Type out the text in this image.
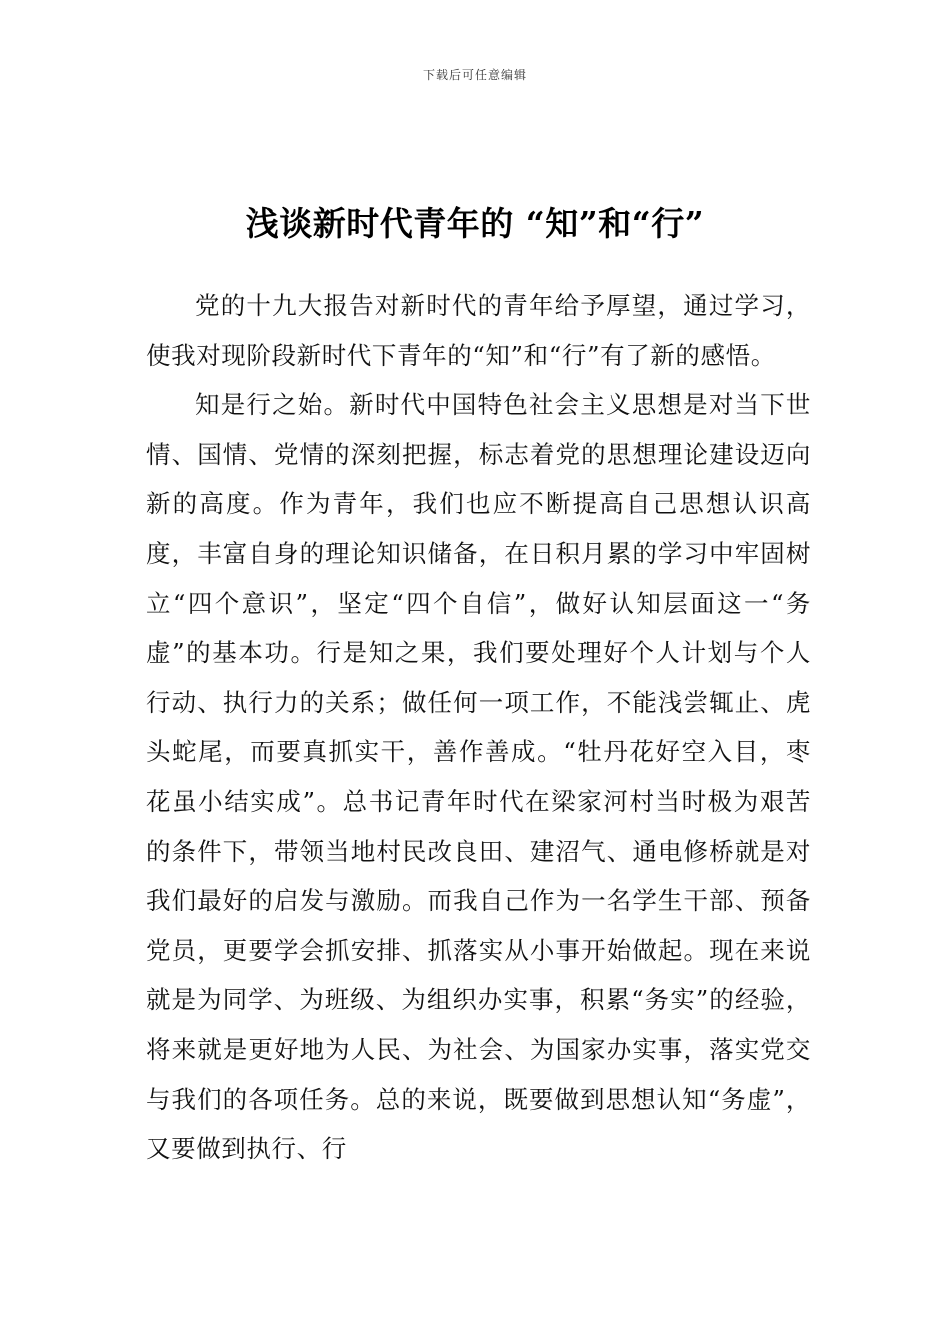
下载后可任意编辑
浅谈新时代青年的 “知”和“行”

党的十九大报告对新时代的青年给予厚望，通过学习，使我对现阶段新时代下青年的“知”和“行”有了新的感悟。

知是行之始。新时代中国特色社会主义思想是对当下世情、国情、党情的深刻把握，标志着党的思想理论建设迈向新的高度。作为青年，我们也应不断提高自己思想认识高度，丰富自身的理论知识储备，在日积月累的学习中牢固树立“四个意识”，坚定“四个自信”，做好认知层面这一“务虚”的基本功。行是知之果，我们要处理好个人计划与个人行动、执行力的关系；做任何一项工作，不能浅尝辄止、虎头蛇尾，而要真抓实干，善作善成。“牡丹花好空入目，枣花虽小结实成”。总书记青年时代在梁家河村当时极为艰苦的条件下，带领当地村民改良田、建沼气、通电修桥就是对我们最好的启发与激励。而我自己作为一名学生干部、预备党员，更要学会抓安排、抓落实从小事开始做起。现在来说就是为同学、为班级、为组织办实事，积累“务实”的经验，将来就是更好地为人民、为社会、为国家办实事，落实党交与我们的各项任务。总的来说，既要做到思想认知“务虚”，又要做到执行、行
